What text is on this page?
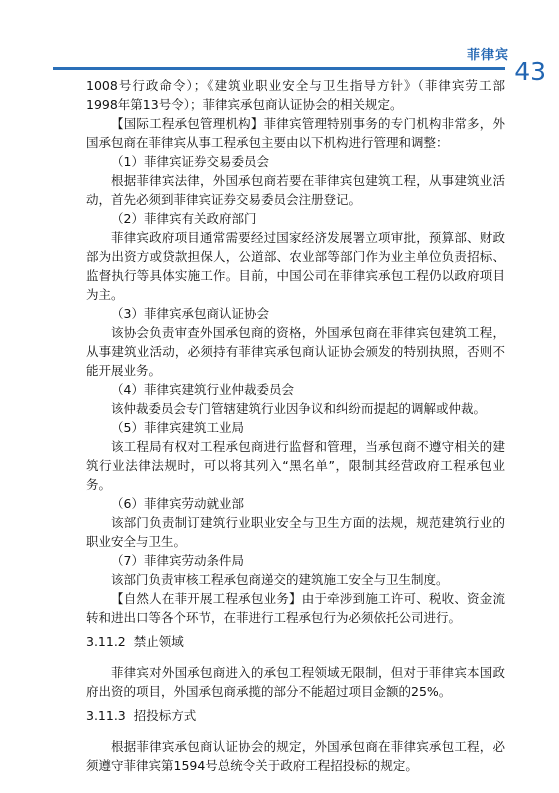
菲律宾
43

1008号行政命令）；《建筑业职业安全与卫生指导方针》（菲律宾劳工部1998年第13号令）；菲律宾承包商认证协会的相关规定。

【国际工程承包管理机构】菲律宾管理特别事务的专门机构非常多，外国承包商在菲律宾从事工程承包主要由以下机构进行管理和调整：

（1）菲律宾证券交易委员会

根据菲律宾法律，外国承包商若要在菲律宾包建筑工程，从事建筑业活动，首先必须到菲律宾证券交易委员会注册登记。

（2）菲律宾有关政府部门

菲律宾政府项目通常需要经过国家经济发展署立项审批，预算部、财政部为出资方或贷款担保人，公道部、农业部等部门作为业主单位负责招标、监督执行等具体实施工作。目前，中国公司在菲律宾承包工程仍以政府项目为主。

（3）菲律宾承包商认证协会

该协会负责审查外国承包商的资格，外国承包商在菲律宾包建筑工程，从事建筑业活动，必须持有菲律宾承包商认证协会颁发的特别执照，否则不能开展业务。

（4）菲律宾建筑行业仲裁委员会

该仲裁委员会专门管辖建筑行业因争议和纠纷而提起的调解或仲裁。

（5）菲律宾建筑工业局

该工程局有权对工程承包商进行监督和管理，当承包商不遵守相关的建筑行业法律法规时，可以将其列入“黑名单”，限制其经营政府工程承包业务。

（6）菲律宾劳动就业部

该部门负责制订建筑行业职业安全与卫生方面的法规，规范建筑行业的职业安全与卫生。

（7）菲律宾劳动条件局

该部门负责审核工程承包商递交的建筑施工安全与卫生制度。

【自然人在菲开展工程承包业务】由于牵涉到施工许可、税收、资金流转和进出口等各个环节，在菲进行工程承包行为必须依托公司进行。

3.11.2 禁止领域

菲律宾对外国承包商进入的承包工程领域无限制，但对于菲律宾本国政府出资的项目，外国承包商承揽的部分不能超过项目金额的25%。

3.11.3 招投标方式

根据菲律宾承包商认证协会的规定，外国承包商在菲律宾承包工程，必须遵守菲律宾第1594号总统令关于政府工程招投标的规定。
